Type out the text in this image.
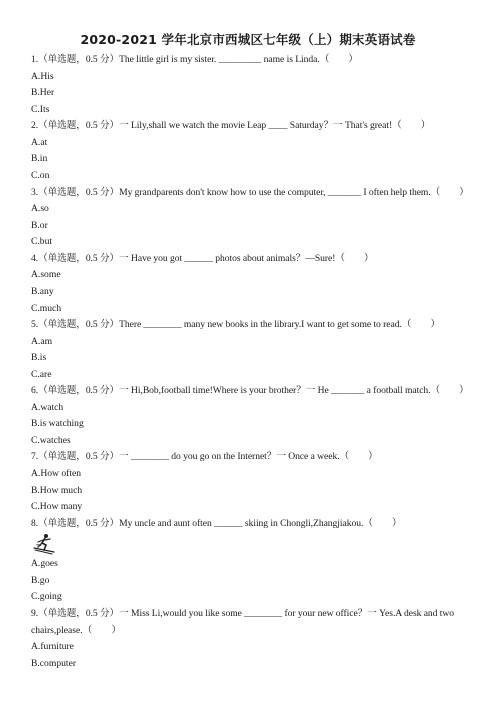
2020-2021 学年北京市西城区七年级（上）期末英语试卷
1.（单选题，0.5 分）The little girl is my sister. _________ name is Linda.（　　）
A.His
B.Her
C.Its
2.（单选题，0.5 分）一 Lily,shall we watch the movie Leap ____ Saturday？一 That's great!（　　）
A.at
B.in
C.on
3.（单选题，0.5 分）My grandparents don't know how to use the computer, _______ I often help them.（　　）
A.so
B.or
C.but
4.（单选题，0.5 分）一 Have you got ______ photos about animals？—Sure!（　　）
A.some
B.any
C.much
5.（单选题，0.5 分）There ________ many new books in the library.I want to get some to read.（　　）
A.am
B.is
C.are
6.（单选题，0.5 分）一 Hi,Bob,football time!Where is your brother？一 He _______ a football match.（　　）
A.watch
B.is watching
C.watches
7.（单选题，0.5 分）一 ________ do you go on the Internet？一 Once a week.（　　）
A.How often
B.How much
C.How many
8.（单选题，0.5 分）My uncle and aunt often ______ skiing in Chongli,Zhangjiakou.（　　）
A.goes
B.go
C.going
9.（单选题，0.5 分）一 Miss Li,would you like some ________ for your new office？一 Yes.A desk and two
chairs,please.（　　）
A.furniture
B.computer
